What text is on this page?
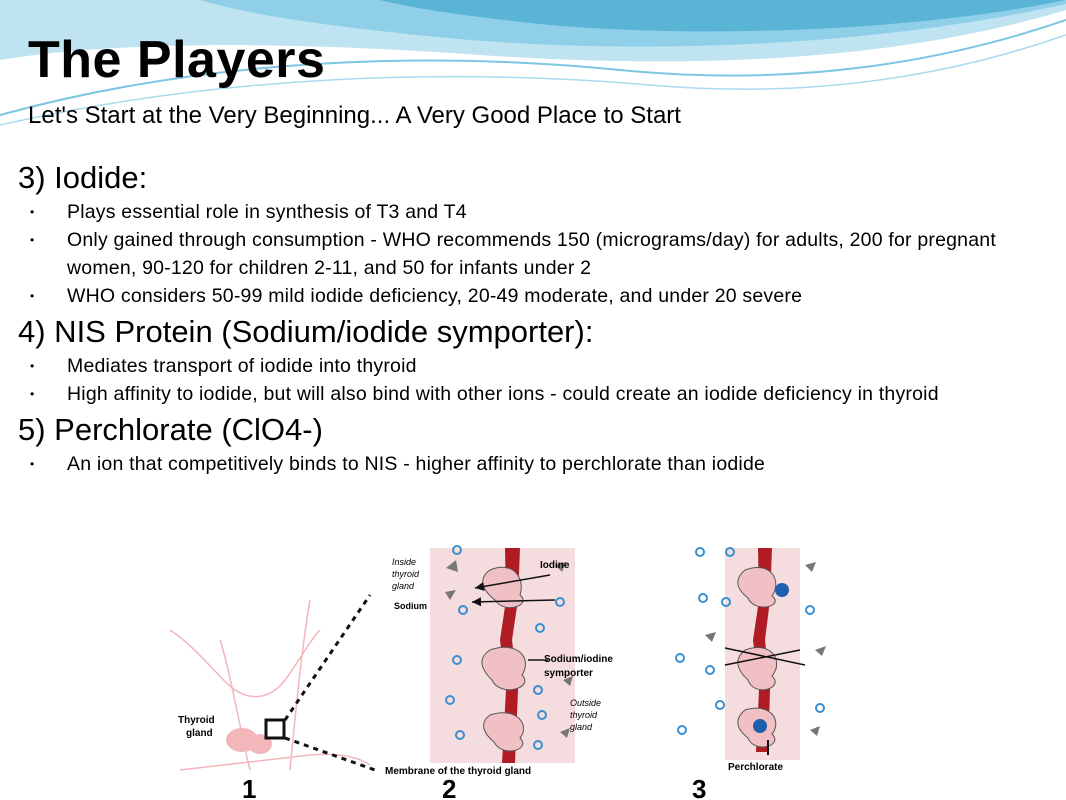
The Players
Let's Start at the Very Beginning... A Very Good Place to Start
3) Iodide:
• Plays essential role in synthesis of T3 and T4
• Only gained through consumption - WHO recommends 150 (micrograms/day) for adults, 200 for pregnant women, 90-120 for children 2-11, and 50 for infants under 2
• WHO considers 50-99 mild iodide deficiency, 20-49 moderate, and under 20 severe
4) NIS Protein (Sodium/iodide symporter):
• Mediates transport of iodide into thyroid
• High affinity to iodide, but will also bind with other ions - could create an iodide deficiency in thyroid
5) Perchlorate (ClO4-)
• An ion that competitively binds to NIS - higher affinity to perchlorate than iodide
Thyroid
gland
1
Inside
thyroid
gland
Sodium
Iodine
Sodium/iodine
symporter
Outside
thyroid
gland
Membrane of the thyroid gland
2
Perchlorate
3
